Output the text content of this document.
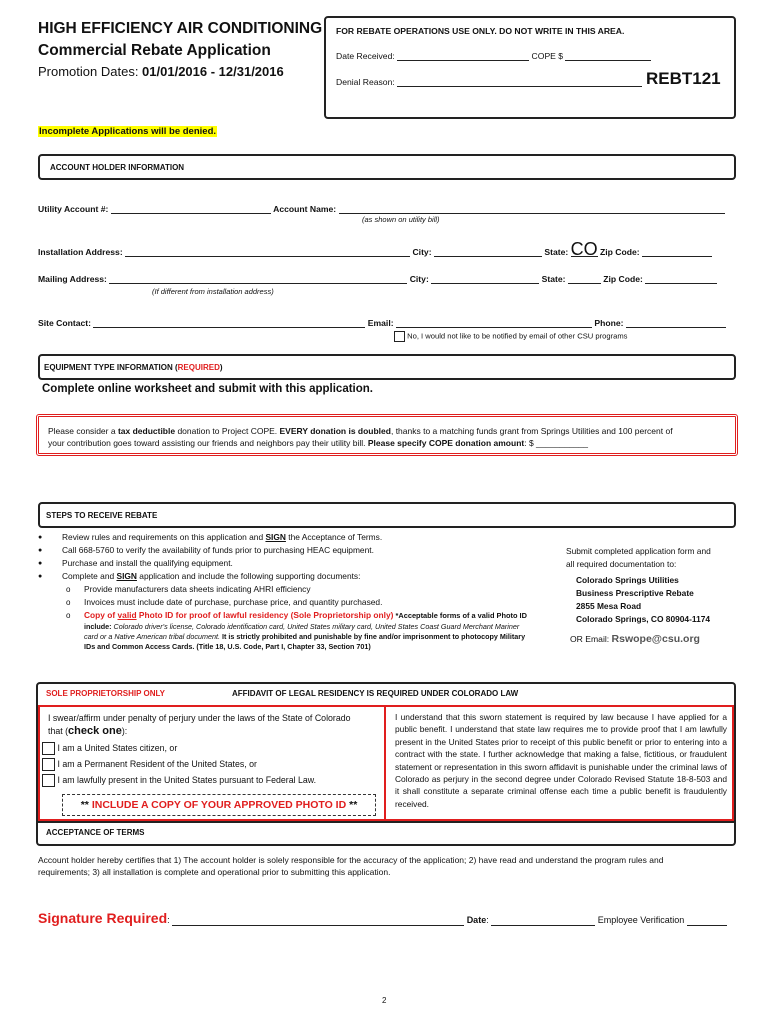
HIGH EFFICIENCY AIR CONDITIONING
Commercial Rebate Application
Promotion Dates: 01/01/2016 - 12/31/2016
FOR REBATE OPERATIONS USE ONLY. DO NOT WRITE IN THIS AREA.
Date Received:	COPE $
Denial Reason:	REBT121
Incomplete Applications will be denied.
ACCOUNT HOLDER INFORMATION
Utility Account #:	Account Name:
(as shown on utility bill)
Installation Address:	City:	State: CO Zip Code:
Mailing Address:	City:	State:	Zip Code:
(If different from installation address)
Site Contact:	Email:	Phone:
No, I would not like to be notified by email of other CSU programs
EQUIPMENT TYPE INFORMATION (REQUIRED)
Complete online worksheet and submit with this application.
Please consider a tax deductible donation to Project COPE. EVERY donation is doubled, thanks to a matching funds grant from Springs Utilities and 100 percent of
your contribution goes toward assisting our friends and neighbors pay their utility bill. Please specify COPE donation amount: $ ___________
STEPS TO RECEIVE REBATE
● Review rules and requirements on this application and SIGN the Acceptance of Terms.
● Call 668-5760 to verify the availability of funds prior to purchasing HEAC equipment.
● Purchase and install the qualifying equipment.
● Complete and SIGN application and include the following supporting documents:
o Provide manufacturers data sheets indicating AHRI efficiency
o Invoices must include date of purchase, purchase price, and quantity purchased.
o Copy of valid Photo ID for proof of lawful residency (Sole Proprietorship only) *Acceptable forms of a valid Photo ID
include: Colorado driver's license, Colorado identification card, United States military card, United States Coast Guard Merchant Mariner
card or a Native American tribal document. It is strictly prohibited and punishable by fine and/or imprisonment to photocopy Military
IDs and Common Access Cards. (Title 18, U.S. Code, Part I, Chapter 33, Section 701)
Submit completed application form and
all required documentation to:
Colorado Springs Utilities
Business Prescriptive Rebate
2855 Mesa Road
Colorado Springs, CO 80904-1174
OR Email: Rswope@csu.org
SOLE PROPRIETORSHIP ONLY	AFFIDAVIT OF LEGAL RESIDENCY IS REQUIRED UNDER COLORADO LAW
I swear/affirm under penalty of perjury under the laws of the State of Colorado
that (check one):
I am a United States citizen, or
I am a Permanent Resident of the United States, or
I am lawfully present in the United States pursuant to Federal Law.
** INCLUDE A COPY OF YOUR APPROVED PHOTO ID **
I understand that this sworn statement is required by law because I have applied for a public benefit. I understand that state law requires me to provide proof that I am lawfully present in the United States prior to receipt of this public benefit or prior to entering into a contract with the state. I further acknowledge that making a false, fictitious, or fraudulent statement or representation in this sworn affidavit is punishable under the criminal laws of Colorado as perjury in the second degree under Colorado Revised Statute 18-8-503 and it shall constitute a separate criminal offense each time a public benefit is fraudulently received.
ACCEPTANCE OF TERMS
Account holder hereby certifies that 1) The account holder is solely responsible for the accuracy of the application; 2) have read and understand the program rules and
requirements; 3) all installation is complete and operational prior to submitting this application.
Signature Required:	Date:	Employee Verification
2
